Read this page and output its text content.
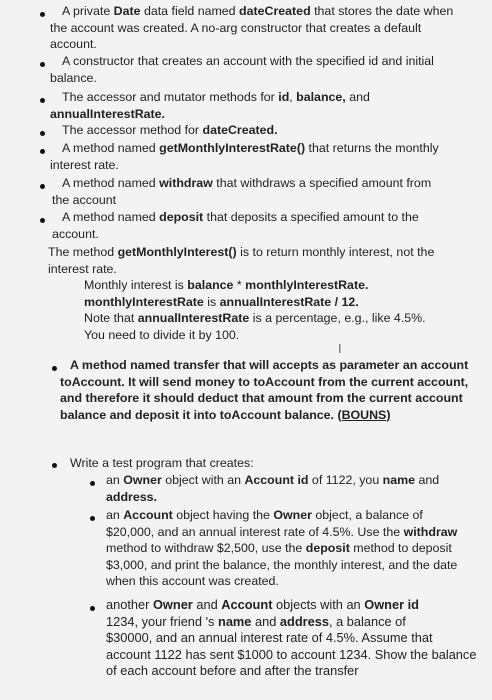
A private Date data field named dateCreated that stores the date when
the account was created. A no-arg constructor that creates a default
account.
A constructor that creates an account with the specified id and initial
balance.
The accessor and mutator methods for id, balance, and
annualInterestRate.
The accessor method for dateCreated.
A method named getMonthlyInterestRate() that returns the monthly
interest rate.
A method named withdraw that withdraws a specified amount from
the account
A method named deposit that deposits a specified amount to the
account.
The method getMonthlyInterest() is to return monthly interest, not the
interest rate.
Monthly interest is balance * monthlyInterestRate.
monthlyInterestRate is annualInterestRate / 12.
Note that annualInterestRate is a percentage, e.g., like 4.5%.
You need to divide it by 100.
I
A method named transfer that will accepts as parameter an account
toAccount. It will send money to toAccount from the current account,
and therefore it should deduct that amount from the current account
balance and deposit it into toAccount balance. (BOUNS)
Write a test program that creates:
an Owner object with an Account id of 1122, you name and
address.
an Account object having the Owner object, a balance of
$20,000, and an annual interest rate of 4.5%. Use the withdraw
method to withdraw $2,500, use the deposit method to deposit
$3,000, and print the balance, the monthly interest, and the date
when this account was created.
another Owner and Account objects with an Owner id
1234, your friend 's name and address, a balance of
$30000, and an annual interest rate of 4.5%. Assume that
account 1122 has sent $1000 to account 1234. Show the balance
of each account before and after the transfer
